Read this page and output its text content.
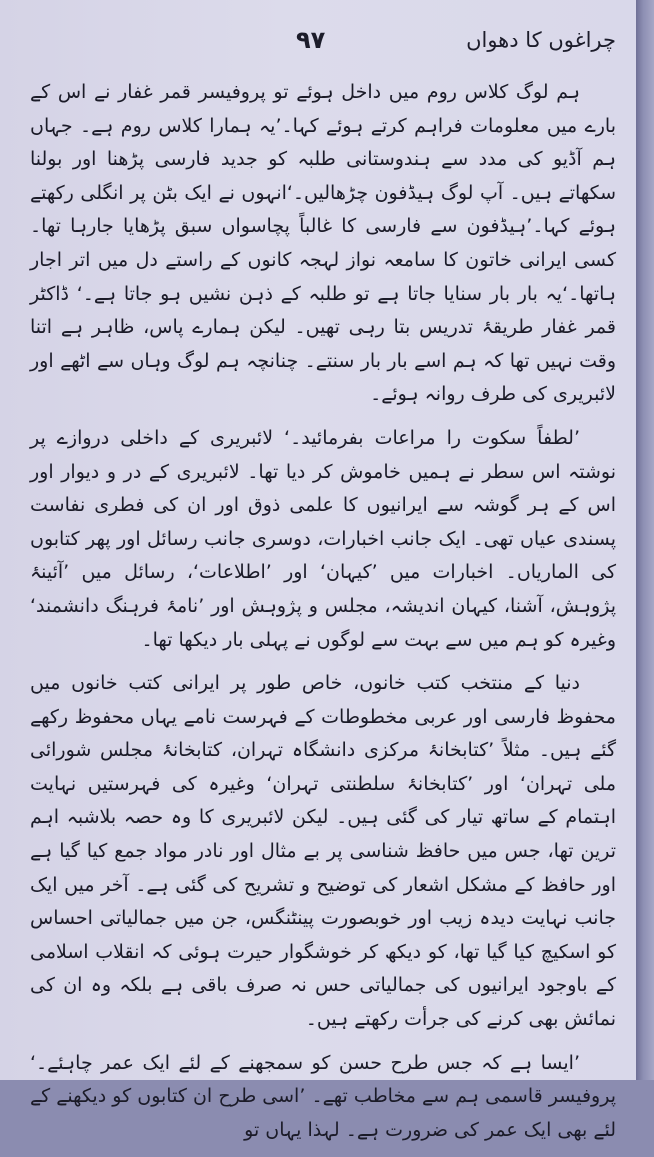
چراغوں کا دھواں
٩٧

ہم لوگ کلاس روم میں داخل ہوئے تو پروفیسر قمر غفار نے اس کے بارے میں معلومات فراہم کرتے ہوئے کہا۔’یہ ہمارا کلاس روم ہے۔ جہاں ہم آڈیو کی مدد سے ہندوستانی طلبہ کو جدید فارسی پڑھنا اور بولنا سکھاتے ہیں۔ آپ لوگ ہیڈفون چڑھالیں۔‘انہوں نے ایک بٹن پر انگلی رکھتے ہوئے کہا۔’ہیڈفون سے فارسی کا غالباً پچاسواں سبق پڑھایا جارہا تھا۔ کسی ایرانی خاتون کا سامعہ نواز لہجہ کانوں کے راستے دل میں اتر اجار ہاتھا۔‘یہ بار بار سنایا جاتا ہے تو طلبہ کے ذہن نشیں ہو جاتا ہے۔‘ ڈاکٹر قمر غفار طریقۂ تدریس بتا رہی تھیں۔ لیکن ہمارے پاس، ظاہر ہے اتنا وقت نہیں تھا کہ ہم اسے بار بار سنتے۔ چنانچہ ہم لوگ وہاں سے اٹھے اور لائبریری کی طرف روانہ ہوئے۔

’لطفاً سکوت را مراعات بفرمائید۔‘ لائبریری کے داخلی دروازے پر نوشتہ اس سطر نے ہمیں خاموش کر دیا تھا۔ لائبریری کے در و دیوار اور اس کے ہر گوشہ سے ایرانیوں کا علمی ذوق اور ان کی فطری نفاست پسندی عیاں تھی۔ ایک جانب اخبارات، دوسری جانب رسائل اور پھر کتابوں کی الماریاں۔ اخبارات میں ’کیہان‘ اور ’اطلاعات‘، رسائل میں ’آئینۂ پژوہش، آشنا، کیہان اندیشہ، مجلس و پژوہش اور ’نامۂ فرہنگ دانشمند‘ وغیرہ کو ہم میں سے بہت سے لوگوں نے پہلی بار دیکھا تھا۔

دنیا کے منتخب کتب خانوں، خاص طور پر ایرانی کتب خانوں میں محفوظ فارسی اور عربی مخطوطات کے فہرست نامے یہاں محفوظ رکھے گئے ہیں۔ مثلاً ’کتابخانۂ مرکزی دانشگاہ تہران، کتابخانۂ مجلس شورائی ملی تہران‘ اور ’کتابخانۂ سلطنتی تہران‘ وغیرہ کی فہرستیں نہایت اہتمام کے ساتھ تیار کی گئی ہیں۔ لیکن لائبریری کا وہ حصہ بلاشبہ اہم ترین تھا، جس میں حافظ شناسی پر بے مثال اور نادر مواد جمع کیا گیا ہے اور حافظ کے مشکل اشعار کی توضیح و تشریح کی گئی ہے۔ آخر میں ایک جانب نہایت دیدہ زیب اور خوبصورت پینٹنگس، جن میں جمالیاتی احساس کو اسکیچ کیا گیا تھا، کو دیکھ کر خوشگوار حیرت ہوئی کہ انقلاب اسلامی کے باوجود ایرانیوں کی جمالیاتی حس نہ صرف باقی ہے بلکہ وہ ان کی نمائش بھی کرنے کی جرأت رکھتے ہیں۔

’ایسا ہے کہ جس طرح حسن کو سمجھنے کے لئے ایک عمر چاہئے۔‘ پروفیسر قاسمی ہم سے مخاطب تھے۔ ’اسی طرح ان کتابوں کو دیکھنے کے لئے بھی ایک عمر کی ضرورت ہے۔ لہذا یہاں تو
